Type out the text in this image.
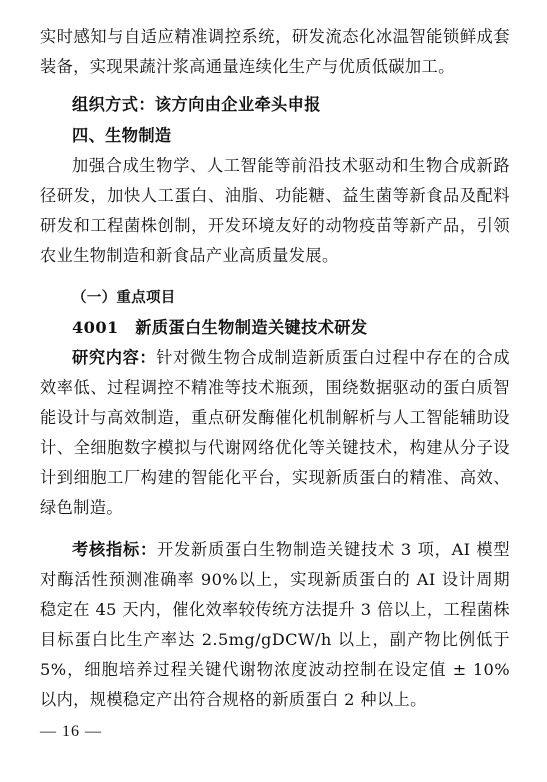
实时感知与自适应精准调控系统，研发流态化冰温智能锁鲜成套装备，实现果蔬汁浆高通量连续化生产与优质低碳加工。

组织方式：该方向由企业牵头申报

四、生物制造

加强合成生物学、人工智能等前沿技术驱动和生物合成新路径研发，加快人工蛋白、油脂、功能糖、益生菌等新食品及配料研发和工程菌株创制，开发环境友好的动物疫苗等新产品，引领农业生物制造和新食品产业高质量发展。

（一）重点项目

4001　新质蛋白生物制造关键技术研发

研究内容：针对微生物合成制造新质蛋白过程中存在的合成效率低、过程调控不精准等技术瓶颈，围绕数据驱动的蛋白质智能设计与高效制造，重点研发酶催化机制解析与人工智能辅助设计、全细胞数字模拟与代谢网络优化等关键技术，构建从分子设计到细胞工厂构建的智能化平台，实现新质蛋白的精准、高效、绿色制造。

考核指标：开发新质蛋白生物制造关键技术 3 项，AI 模型对酶活性预测准确率 90%以上，实现新质蛋白的 AI 设计周期稳定在 45 天内，催化效率较传统方法提升 3 倍以上，工程菌株目标蛋白比生产率达 2.5mg/gDCW/h 以上，副产物比例低于 5%，细胞培养过程关键代谢物浓度波动控制在设定值 ± 10%以内，规模稳定产出符合规格的新质蛋白 2 种以上。

— 16 —
